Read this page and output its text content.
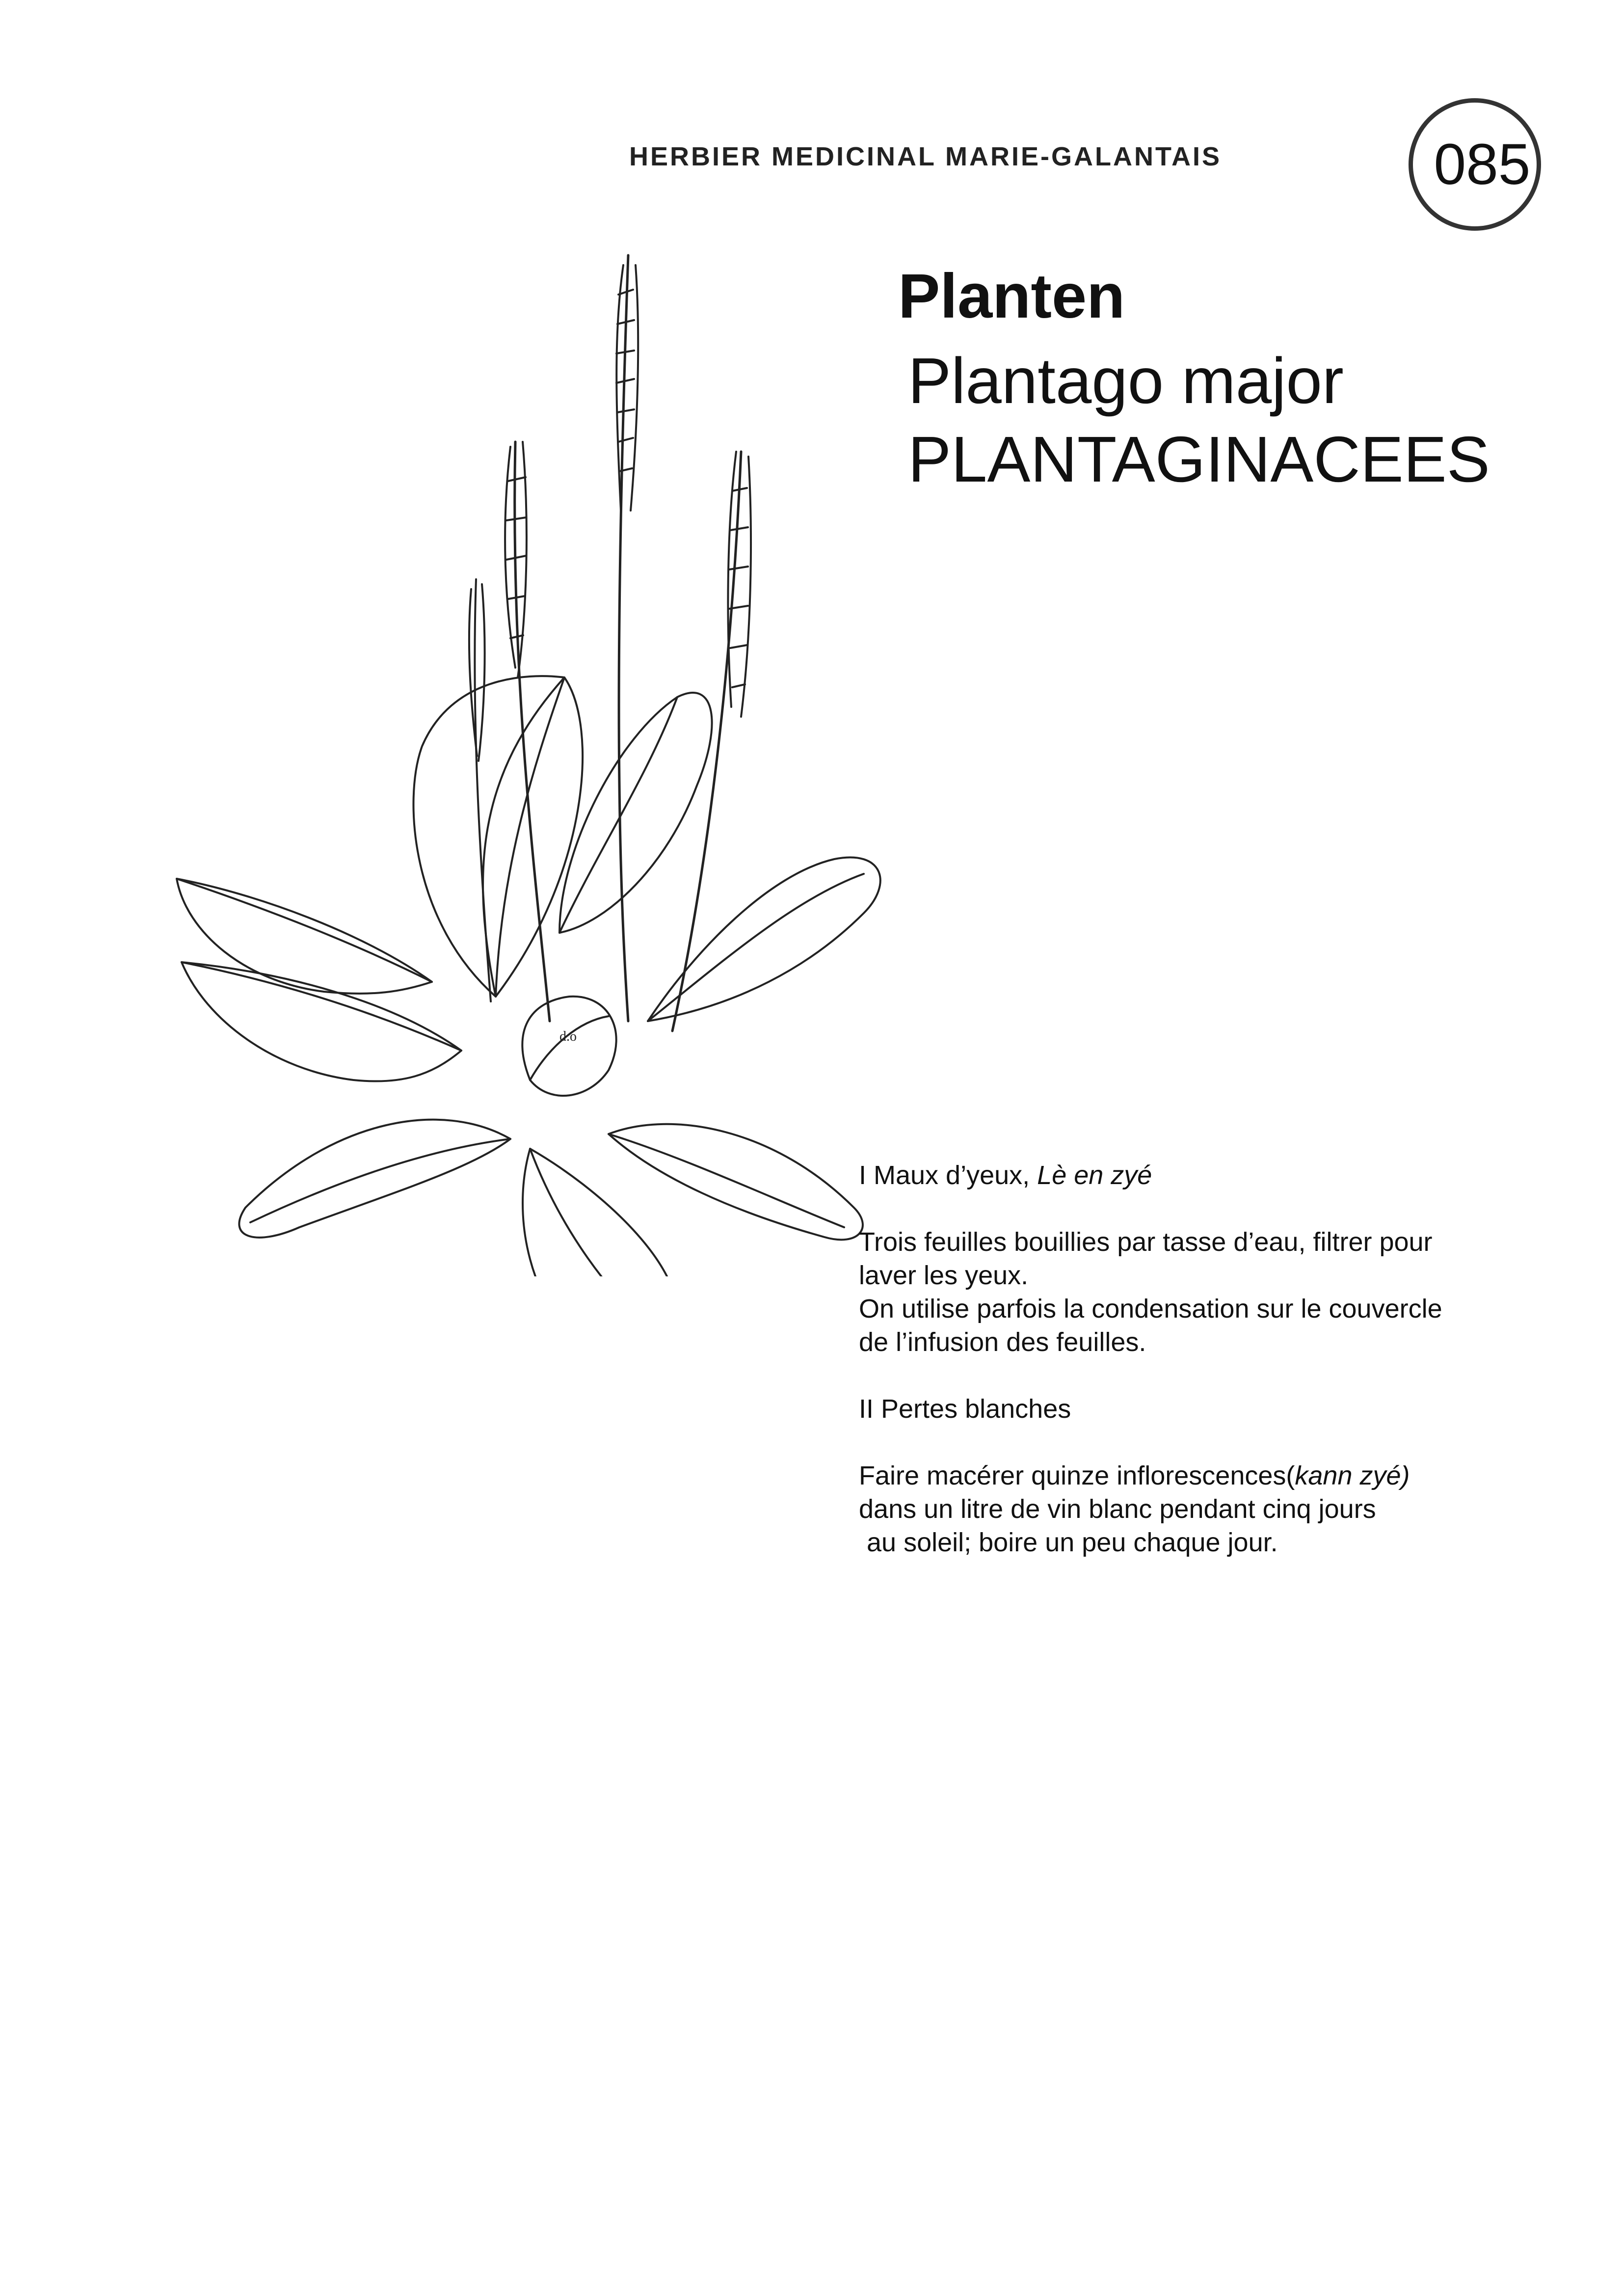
HERBIER MEDICINAL MARIE-GALANTAIS	085
Planten
Plantago major
PLANTAGINACEES
d.o

I Maux d’yeux, Lè en zyé

Trois feuilles bouillies par tasse d’eau, filtrer pour

laver les yeux.

On utilise parfois la condensation sur le couvercle

de l’infusion des feuilles.

II Pertes blanches

Faire macérer quinze inflorescences(kann zyé)

dans un litre de vin blanc pendant cinq jours

au soleil; boire un peu chaque jour.
